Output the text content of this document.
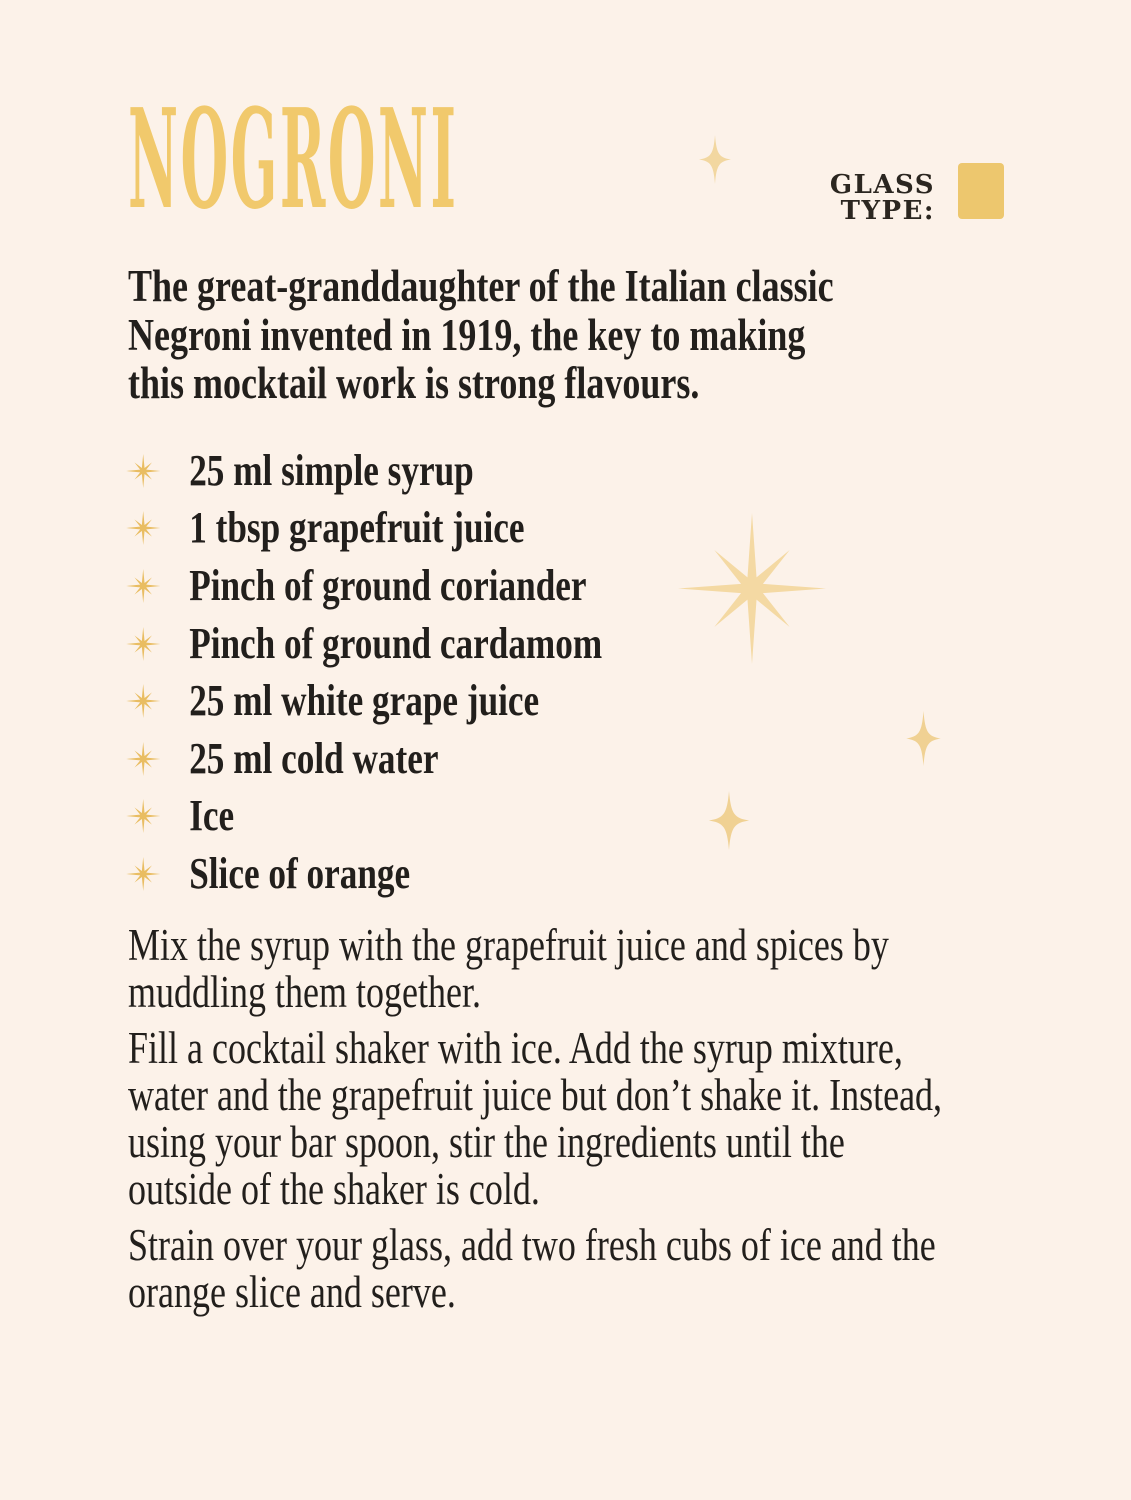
NOGRONI	GLASS
TYPE:
The great-granddaughter of the Italian classic
Negroni invented in 1919, the key to making
this mocktail work is strong flavours.
25 ml simple syrup
1 tbsp grapefruit juice
Pinch of ground coriander
Pinch of ground cardamom
25 ml white grape juice
25 ml cold water
Ice
Slice of orange

Mix the syrup with the grapefruit juice and spices by
muddling them together.

Fill a cocktail shaker with ice. Add the syrup mixture,
water and the grapefruit juice but don’t shake it. Instead,
using your bar spoon, stir the ingredients until the
outside of the shaker is cold.

Strain over your glass, add two fresh cubs of ice and the
orange slice and serve.
